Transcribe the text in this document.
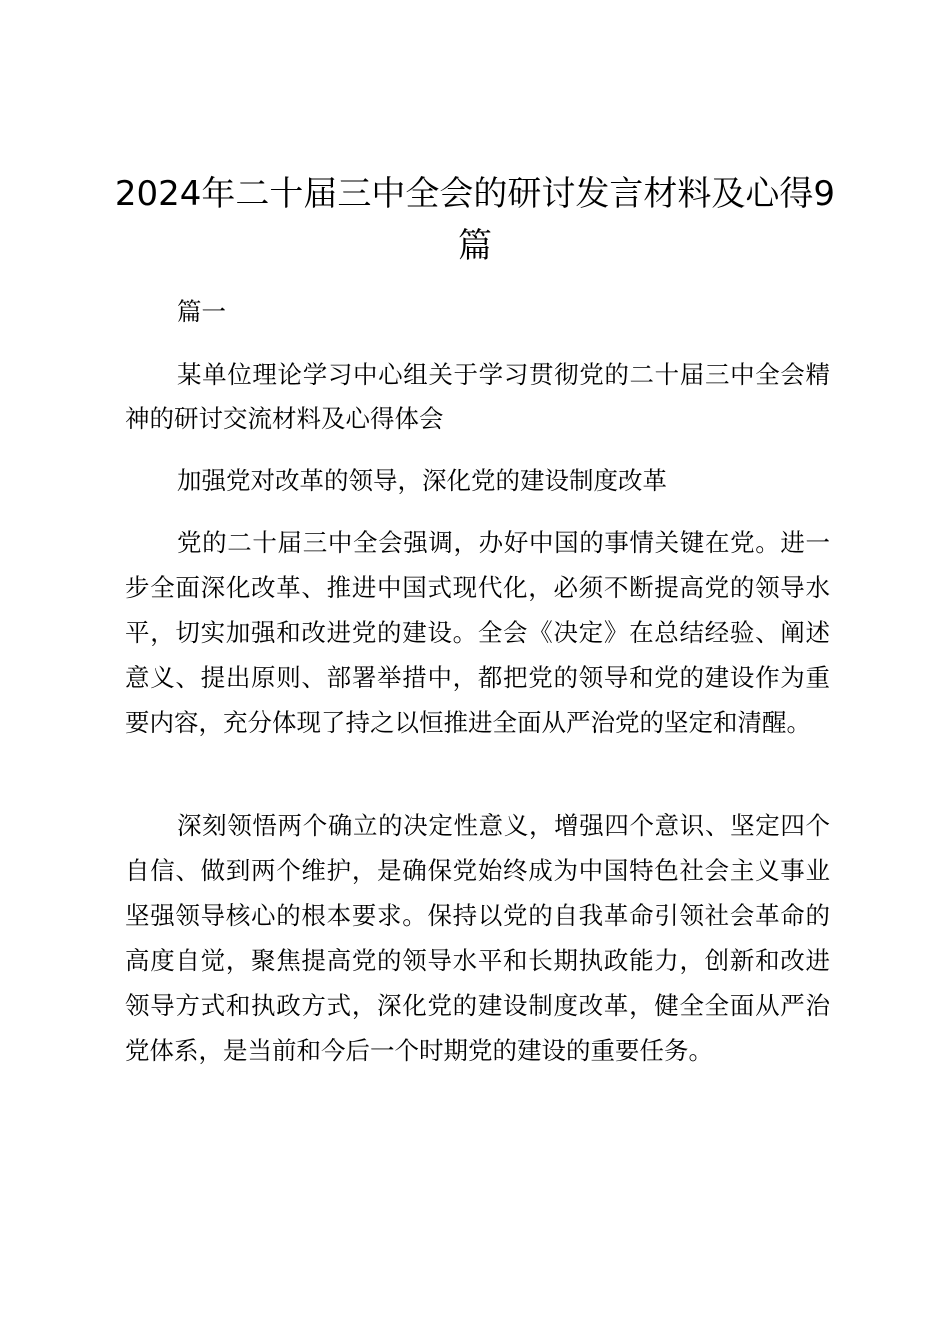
2024年二十届三中全会的研讨发言材料及心得9篇

篇一

某单位理论学习中心组关于学习贯彻党的二十届三中全会精神的研讨交流材料及心得体会

加强党对改革的领导，深化党的建设制度改革

党的二十届三中全会强调，办好中国的事情关键在党。进一步全面深化改革、推进中国式现代化，必须不断提高党的领导水平，切实加强和改进党的建设。全会《决定》在总结经验、阐述意义、提出原则、部署举措中，都把党的领导和党的建设作为重要内容，充分体现了持之以恒推进全面从严治党的坚定和清醒。

深刻领悟两个确立的决定性意义，增强四个意识、坚定四个自信、做到两个维护，是确保党始终成为中国特色社会主义事业坚强领导核心的根本要求。保持以党的自我革命引领社会革命的高度自觉，聚焦提高党的领导水平和长期执政能力，创新和改进领导方式和执政方式，深化党的建设制度改革，健全全面从严治党体系，是当前和今后一个时期党的建设的重要任务。
